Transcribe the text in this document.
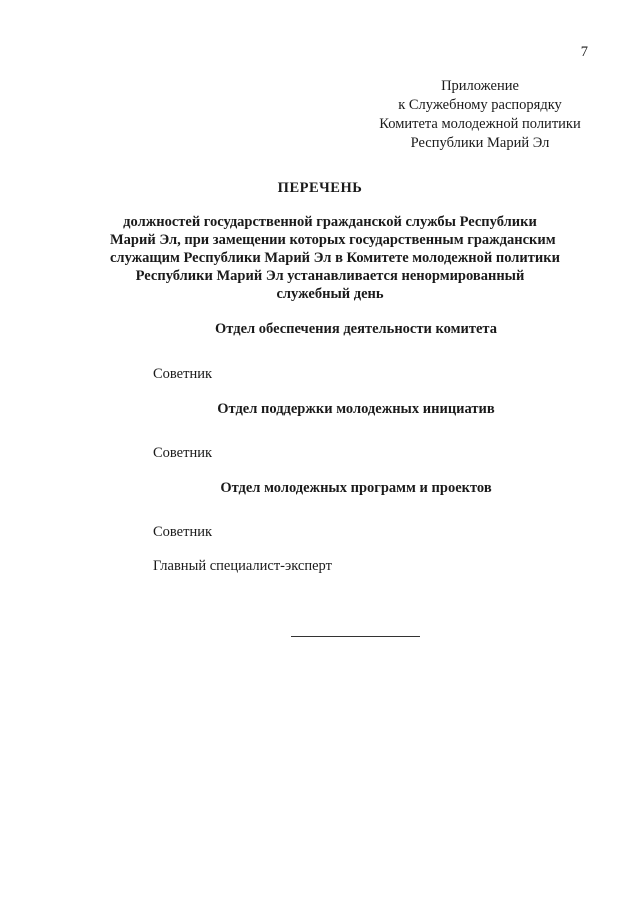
7
Приложение
к Служебному распорядку
Комитета молодежной политики
Республики Марий Эл
ПЕРЕЧЕНЬ
должностей государственной гражданской службы Республики
Марий Эл, при замещении которых государственным гражданским
служащим Республики Марий Эл в Комитете молодежной политики
Республики Марий Эл устанавливается ненормированный
служебный день
Отдел обеспечения деятельности комитета
Советник
Отдел поддержки молодежных инициатив
Советник
Отдел молодежных программ и проектов
Советник
Главный специалист-эксперт
